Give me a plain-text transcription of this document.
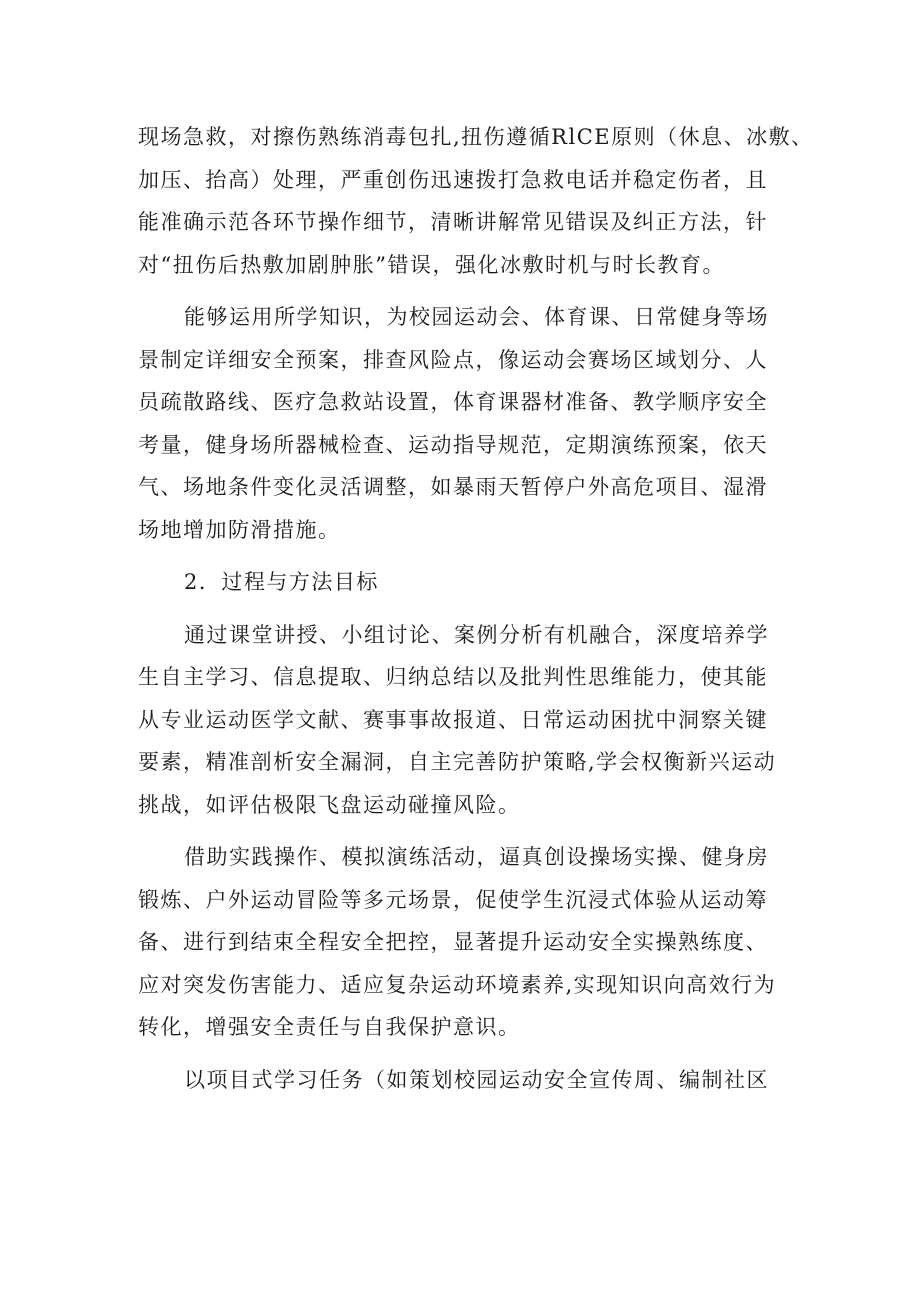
现场急救，对擦伤熟练消毒包扎,扭伤遵循RlCE原则（休息、冰敷、
加压、抬高）处理，严重创伤迅速拨打急救电话并稳定伤者，且
能准确示范各环节操作细节，清晰讲解常见错误及纠正方法，针
对“扭伤后热敷加剧肿胀”错误，强化冰敷时机与时长教育。
能够运用所学知识，为校园运动会、体育课、日常健身等场
景制定详细安全预案，排查风险点，像运动会赛场区域划分、人
员疏散路线、医疗急救站设置，体育课器材准备、教学顺序安全
考量，健身场所器械检查、运动指导规范，定期演练预案，依天
气、场地条件变化灵活调整，如暴雨天暂停户外高危项目、湿滑
场地增加防滑措施。
2．过程与方法目标
通过课堂讲授、小组讨论、案例分析有机融合，深度培养学
生自主学习、信息提取、归纳总结以及批判性思维能力，使其能
从专业运动医学文献、赛事事故报道、日常运动困扰中洞察关键
要素，精准剖析安全漏洞，自主完善防护策略,学会权衡新兴运动
挑战，如评估极限飞盘运动碰撞风险。
借助实践操作、模拟演练活动，逼真创设操场实操、健身房
锻炼、户外运动冒险等多元场景，促使学生沉浸式体验从运动筹
备、进行到结束全程安全把控，显著提升运动安全实操熟练度、
应对突发伤害能力、适应复杂运动环境素养,实现知识向高效行为
转化，增强安全责任与自我保护意识。
以项目式学习任务（如策划校园运动安全宣传周、编制社区
